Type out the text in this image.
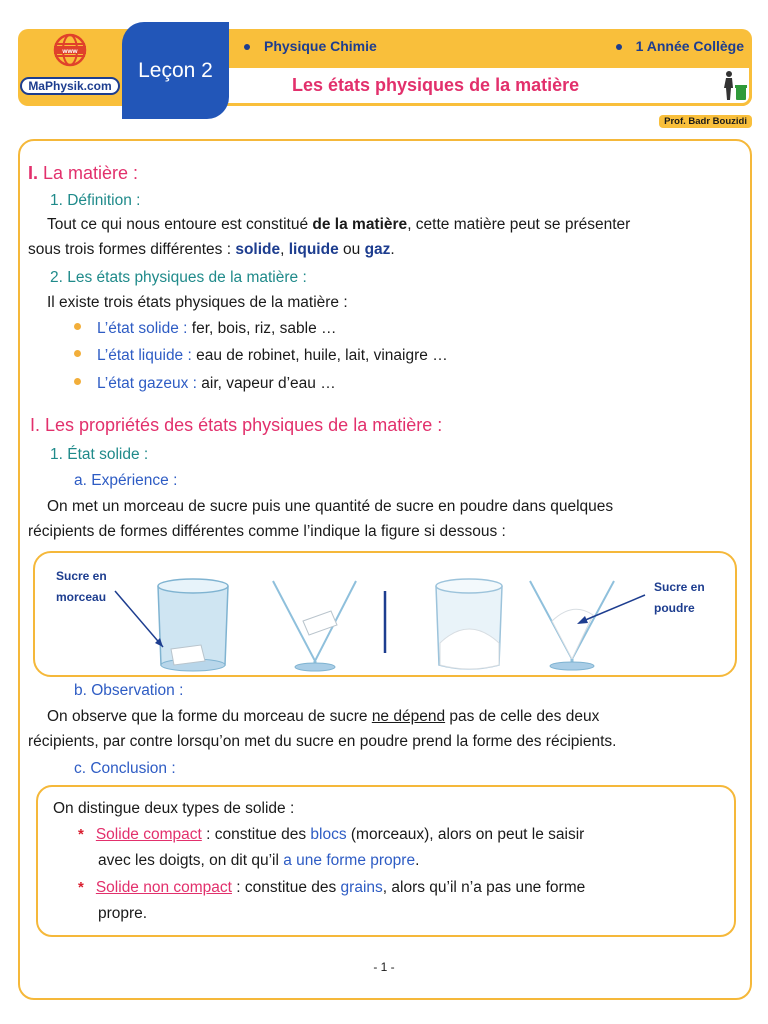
www
MaPhysik.com
Leçon 2
Physique Chimie	1 Année Collège
Les états physiques de la matière
Prof. Badr Bouzidi
I. La matière :
1. Définition :
Tout ce qui nous entoure est constitué de la matière, cette matière peut se présenter
sous trois formes différentes : solide, liquide ou gaz.
2. Les états physiques de la matière :
Il existe trois états physiques de la matière :
L’état solide : fer, bois, riz, sable …
L’état liquide : eau de robinet, huile, lait, vinaigre …
L’état gazeux : air, vapeur d’eau …
I. Les propriétés des états physiques de la matière :
1. État solide :
a. Expérience :
On met un morceau de sucre puis une quantité de sucre en poudre dans quelques
récipients de formes différentes comme l’indique la figure si dessous :
Sucre en
morceau
Sucre en
poudre
b. Observation :
On observe que la forme du morceau de sucre ne dépend pas de celle des deux
récipients, par contre lorsqu’on met du sucre en poudre prend la forme des récipients.
c. Conclusion :
On distingue deux types de solide :
* Solide compact : constitue des blocs (morceaux), alors on peut le saisir
avec les doigts, on dit qu’il a une forme propre.
* Solide non compact : constitue des grains, alors qu’il n’a pas une forme
propre.
- 1 -
